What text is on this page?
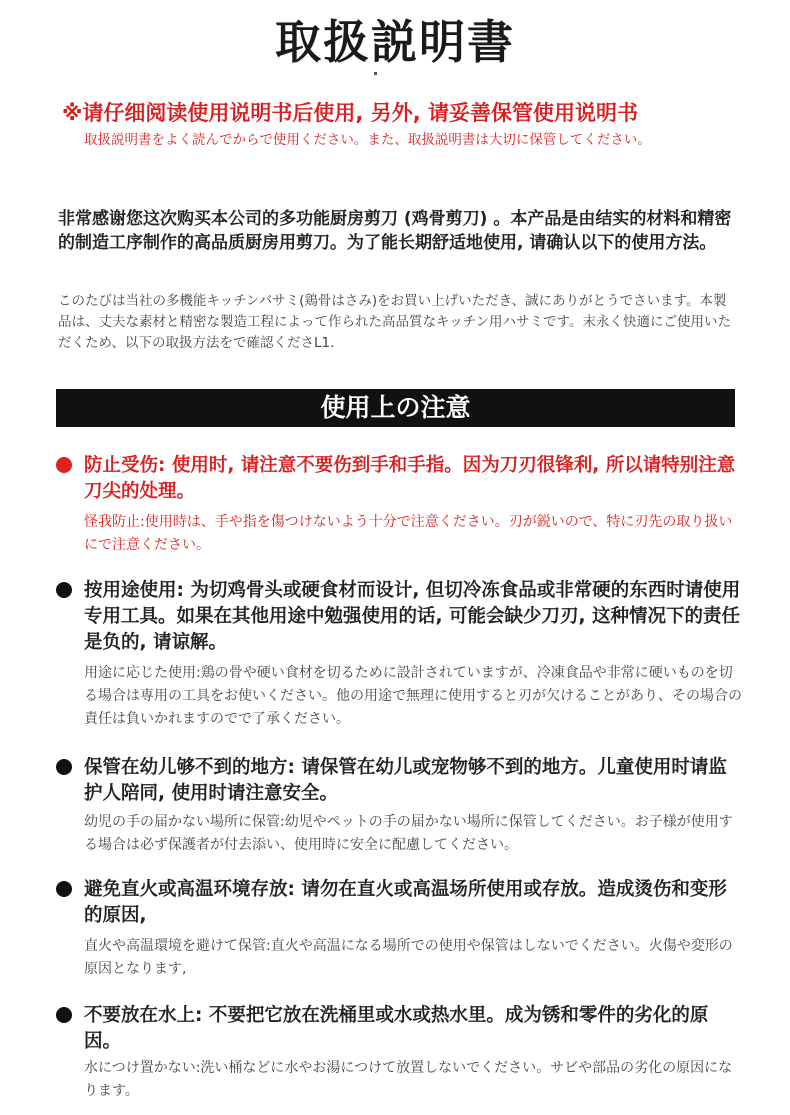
取扱説明書
※请仔细阅读使用说明书后使用, 另外, 请妥善保管使用说明书
取扱説明書をよく読んでからで使用ください。また、取扱説明書は大切に保管してください。
非常感谢您这次购买本公司的多功能厨房剪刀 (鸡骨剪刀) 。本产品是由结实的材料和精密的制造工序制作的高品质厨房用剪刀。为了能长期舒适地使用, 请确认以下的使用方法。
このたびは当社の多機能キッチンバサミ(鶏骨はさみ)をお買い上げいただき、誠にありがとうでさいます。本製品は、丈夫な素材と精密な製造工程によって作られた高品質なキッチン用ハサミです。末永く快適にご使用いただくため、以下の取扱方法をで確認くださL1.
使用上の注意
防止受伤: 使用时, 请注意不要伤到手和手指。因为刀刃很锋利, 所以请特别注意刀尖的处理。
怪我防止:使用時は、手や指を傷つけないよう十分で注意ください。刃が鋭いので、特に刃先の取り扱いにで注意ください。
按用途使用: 为切鸡骨头或硬食材而设计, 但切冷冻食品或非常硬的东西时请使用专用工具。如果在其他用途中勉强使用的话, 可能会缺少刀刃, 这种情况下的责任是负的, 请谅解。
用途に応じた使用:鶏の骨や硬い食材を切るために設計されていますが、冷凍食品や非常に硬いものを切る場合は専用の工具をお使いください。他の用途で無理に使用すると刃が欠けることがあり、その場合の責任は負いかれますのでで了承ください。
保管在幼儿够不到的地方: 请保管在幼儿或宠物够不到的地方。儿童使用时请监护人陪同, 使用时请注意安全。
幼児の手の届かない場所に保管:幼児やペットの手の届かない場所に保管してください。お子様が使用する場合は必ず保護者が付去添い、使用時に安全に配慮してください。
避免直火或高温环境存放: 请勿在直火或高温场所使用或存放。造成烫伤和变形的原因,
直火や高温環境を避けて保管:直火や高温になる場所での使用や保管はしないでください。火傷や変形の原因となります,
不要放在水上: 不要把它放在洗桶里或水或热水里。成为锈和零件的劣化的原因。
水につけ置かない:洗い桶などに水やお湯につけて放置しないでください。サビや部品の劣化の原因になります。
